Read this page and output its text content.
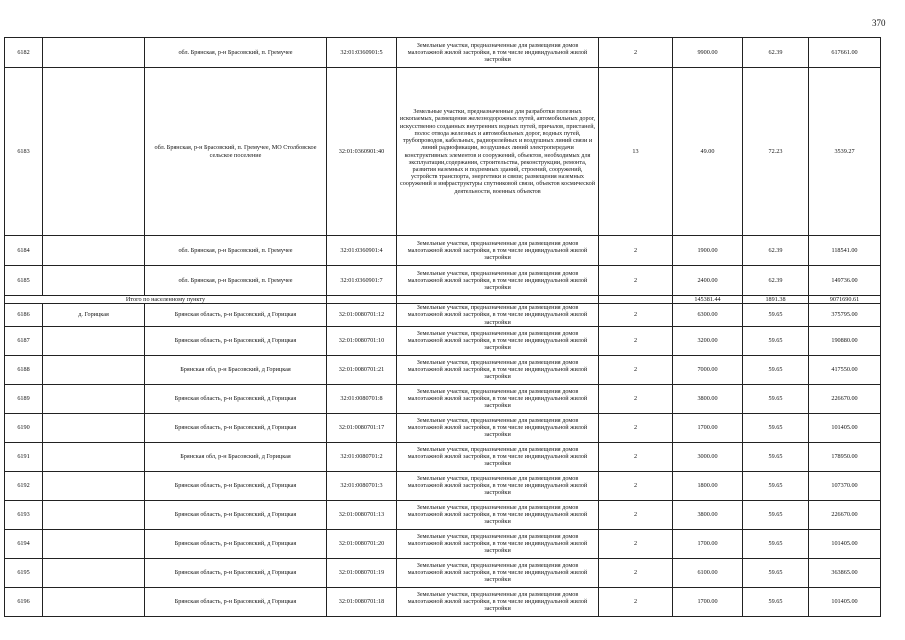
370
6182		обл. Брянская, р-н Брасовский, п. Гремучее	32:01:0360901:5	Земельные участки, предназначенные для размещения домов малоэтажной жилой застройки, в том числе индивидуальной жилой застройки	2	9900.00	62.39	617661.00
6183		обл. Брянская, р-н Брасовский, п. Гремучее, МО Столбовское сельское поселение	32:01:0360901:40	Земельные участки, предназначенные для разработки полезных ископаемых, размещения железнодорожных путей, автомобильных дорог, искусственно созданных внутренних водных путей, причалов, пристаней, полос отвода железных и автомобильных дорог, водных путей, трубопроводов, кабельных, радиорелейных и воздушных линий связи и линий радиофикации, воздушных линий электропередачи конструктивных элементов и сооружений, объектов, необходимых для эксплуатации,содержания, строительства, реконструкции, ремонта, развития наземных и подземных зданий, строений, сооружений, устройств транспорта, энергетики и связи; размещения наземных сооружений и инфраструктуры спутниковой связи, объектов космической деятельности, военных объектов	13	49.00	72.23	3539.27
6184		обл. Брянская, р-н Брасовский, п. Гремучее	32:01:0360901:4	Земельные участки, предназначенные для размещения домов малоэтажной жилой застройки, в том числе индивидуальной жилой застройки	2	1900.00	62.39	118541.00
6185		обл. Брянская, р-н Брасовский, п. Гремучее	32:01:0360901:7	Земельные участки, предназначенные для размещения домов малоэтажной жилой застройки, в том числе индивидуальной жилой застройки	2	2400.00	62.39	149736.00
Итого по населенному пункту						145381.44	1891.38	9071690.61
6186	д. Горицкая	Брянская область, р-н Брасовский, д Горицкая	32:01:0080701:12	Земельные участки, предназначенные для размещения домов малоэтажной жилой застройки, в том числе индивидуальной жилой застройки	2	6300.00	59.65	375795.00
6187		Брянская область, р-н Брасовский, д Горицкая	32:01:0080701:10	Земельные участки, предназначенные для размещения домов малоэтажной жилой застройки, в том числе индивидуальной жилой застройки	2	3200.00	59.65	190880.00
6188		Брянская обл, р-н Брасовский, д Горицкая	32:01:0080701:21	Земельные участки, предназначенные для размещения домов малоэтажной жилой застройки, в том числе индивидуальной жилой застройки	2	7000.00	59.65	417550.00
6189		Брянская область, р-н Брасовский, д Горицкая	32:01:0080701:8	Земельные участки, предназначенные для размещения домов малоэтажной жилой застройки, в том числе индивидуальной жилой застройки	2	3800.00	59.65	226670.00
6190		Брянская область, р-н Брасовский, д Горицкая	32:01:0080701:17	Земельные участки, предназначенные для размещения домов малоэтажной жилой застройки, в том числе индивидуальной жилой застройки	2	1700.00	59.65	101405.00
6191		Брянская обл, р-н Брасовский, д Горицкая	32:01:0080701:2	Земельные участки, предназначенные для размещения домов малоэтажной жилой застройки, в том числе индивидуальной жилой застройки	2	3000.00	59.65	178950.00
6192		Брянская область, р-н Брасовский, д Горицкая	32:01:0080701:3	Земельные участки, предназначенные для размещения домов малоэтажной жилой застройки, в том числе индивидуальной жилой застройки	2	1800.00	59.65	107370.00
6193		Брянская область, р-н Брасовский, д Горицкая	32:01:0080701:13	Земельные участки, предназначенные для размещения домов малоэтажной жилой застройки, в том числе индивидуальной жилой застройки	2	3800.00	59.65	226670.00
6194		Брянская область, р-н Брасовский, д Горицкая	32:01:0080701:20	Земельные участки, предназначенные для размещения домов малоэтажной жилой застройки, в том числе индивидуальной жилой застройки	2	1700.00	59.65	101405.00
6195		Брянская область, р-н Брасовский, д Горицкая	32:01:0080701:19	Земельные участки, предназначенные для размещения домов малоэтажной жилой застройки, в том числе индивидуальной жилой застройки	2	6100.00	59.65	363865.00
6196		Брянская область, р-н Брасовский, д Горицкая	32:01:0080701:18	Земельные участки, предназначенные для размещения домов малоэтажной жилой застройки, в том числе индивидуальной жилой застройки	2	1700.00	59.65	101405.00
